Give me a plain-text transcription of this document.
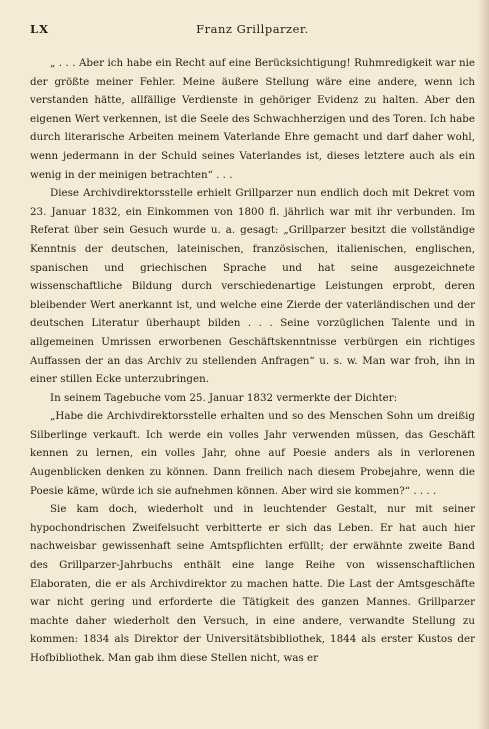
LX	Franz Grillparzer.

„ . . . Aber ich habe ein Recht auf eine Berücksichtigung! Ruhmredigkeit war nie der größte meiner Fehler. Meine äußere Stellung wäre eine andere, wenn ich verstanden hätte, allfällige Verdienste in gehöriger Evidenz zu halten. Aber den eigenen Wert verkennen, ist die Seele des Schwachherzigen und des Toren. Ich habe durch literarische Arbeiten meinem Vaterlande Ehre gemacht und darf daher wohl, wenn jedermann in der Schuld seines Vaterlandes ist, dieses letztere auch als ein wenig in der meinigen betrachten“ . . .

Diese Archivdirektorsstelle erhielt Grillparzer nun endlich doch mit Dekret vom 23. Januar 1832, ein Einkommen von 1800 fl. jährlich war mit ihr verbunden. Im Referat über sein Gesuch wurde u. a. gesagt: „Grillparzer besitzt die vollständige Kenntnis der deutschen, lateinischen, französischen, italienischen, englischen, spanischen und griechischen Sprache und hat seine ausgezeichnete wissenschaftliche Bildung durch verschiedenartige Leistungen erprobt, deren bleibender Wert anerkannt ist, und welche eine Zierde der vaterländischen und der deutschen Literatur überhaupt bilden . . . Seine vorzüglichen Talente und in allgemeinen Umrissen erworbenen Geschäftskenntnisse verbürgen ein richtiges Auffassen der an das Archiv zu stellenden Anfragen“ u. s. w. Man war froh, ihn in einer stillen Ecke unterzubringen.

In seinem Tagebuche vom 25. Januar 1832 vermerkte der Dichter:

„Habe die Archivdirektorsstelle erhalten und so des Menschen Sohn um dreißig Silberlinge verkauft. Ich werde ein volles Jahr verwenden müssen, das Geschäft kennen zu lernen, ein volles Jahr, ohne auf Poesie anders als in verlorenen Augenblicken denken zu können. Dann freilich nach diesem Probejahre, wenn die Poesie käme, würde ich sie aufnehmen können. Aber wird sie kommen?“ . . . .

Sie kam doch, wiederholt und in leuchtender Gestalt, nur mit seiner hypochondrischen Zweifelsucht verbitterte er sich das Leben. Er hat auch hier nachweisbar gewissenhaft seine Amtspflichten erfüllt; der erwähnte zweite Band des Grillparzer-Jahrbuchs enthält eine lange Reihe von wissenschaftlichen Elaboraten, die er als Archivdirektor zu machen hatte. Die Last der Amtsgeschäfte war nicht gering und erforderte die Tätigkeit des ganzen Mannes. Grillparzer machte daher wiederholt den Versuch, in eine andere, verwandte Stellung zu kommen: 1834 als Direktor der Universitätsbibliothek, 1844 als erster Kustos der Hofbibliothek. Man gab ihm diese Stellen nicht, was er
